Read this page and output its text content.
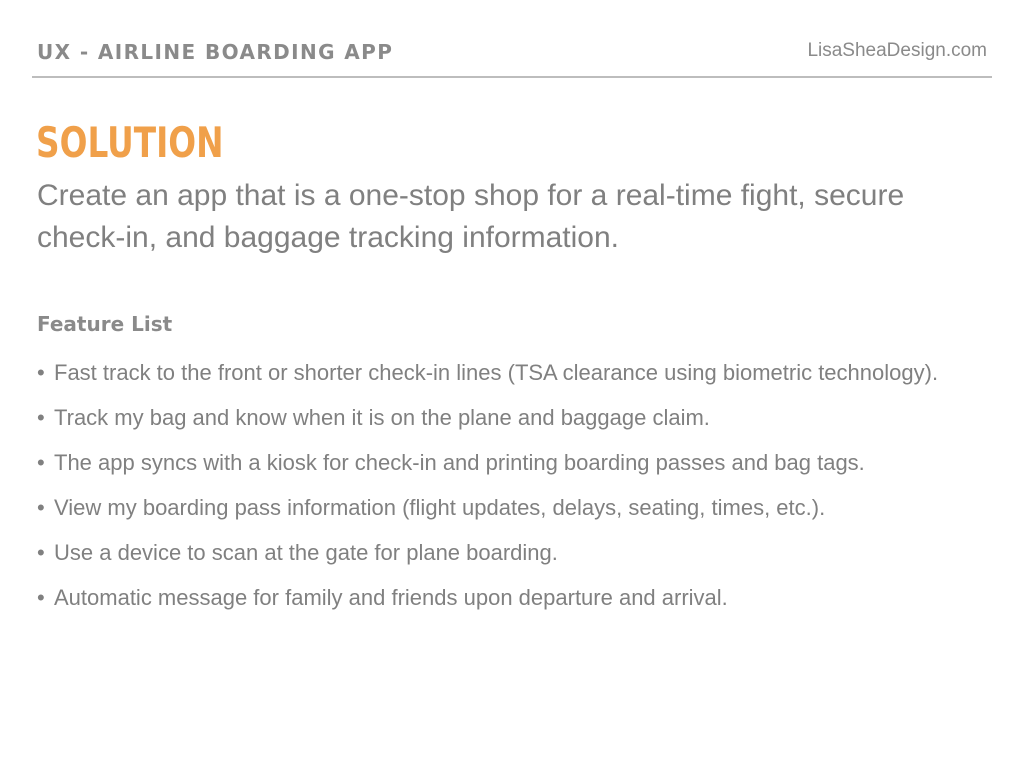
UX - AIRLINE BOARDING APP	LisaSheaDesign.com
SOLUTION
Create an app that is a one-stop shop for a real-time fight, secure check-in, and baggage tracking information.
Feature List
• Fast track to the front or shorter check-in lines (TSA clearance using biometric technology).
• Track my bag and know when it is on the plane and baggage claim.
• The app syncs with a kiosk for check-in and printing boarding passes and bag tags.
• View my boarding pass information (flight updates, delays, seating, times, etc.).
• Use a device to scan at the gate for plane boarding.
• Automatic message for family and friends upon departure and arrival.
